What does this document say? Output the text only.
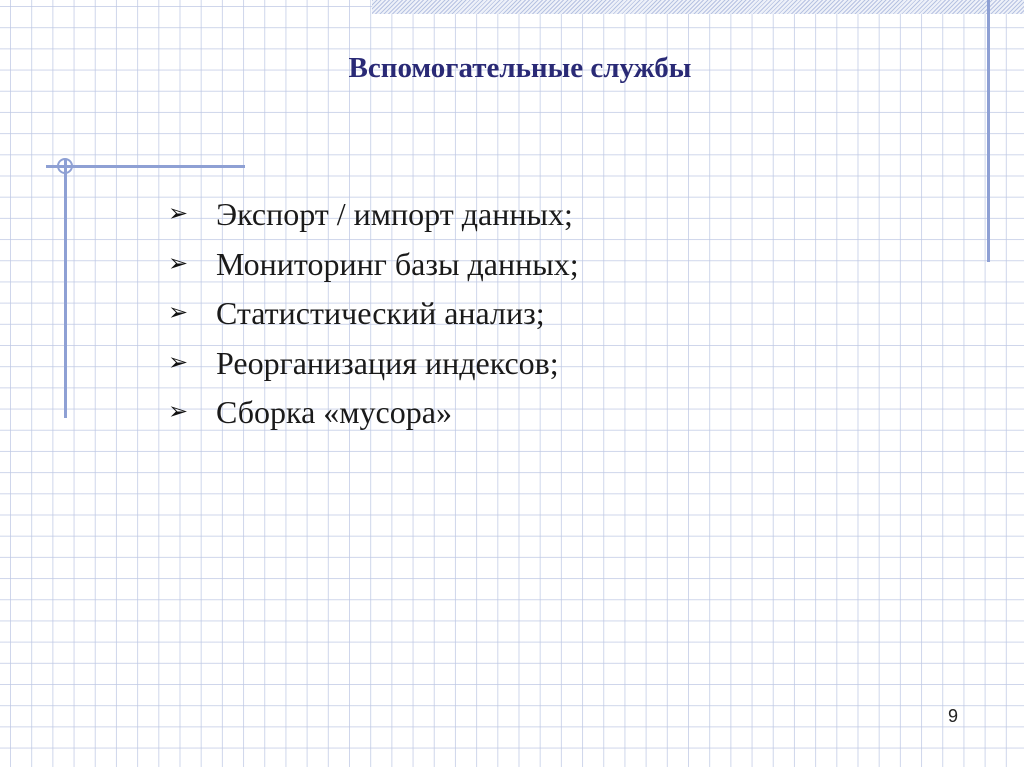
Вспомогательные службы
➢ Экспорт / импорт данных;
➢ Мониторинг базы данных;
➢ Статистический анализ;
➢ Реорганизация индексов;
➢ Сборка «мусора»
9
